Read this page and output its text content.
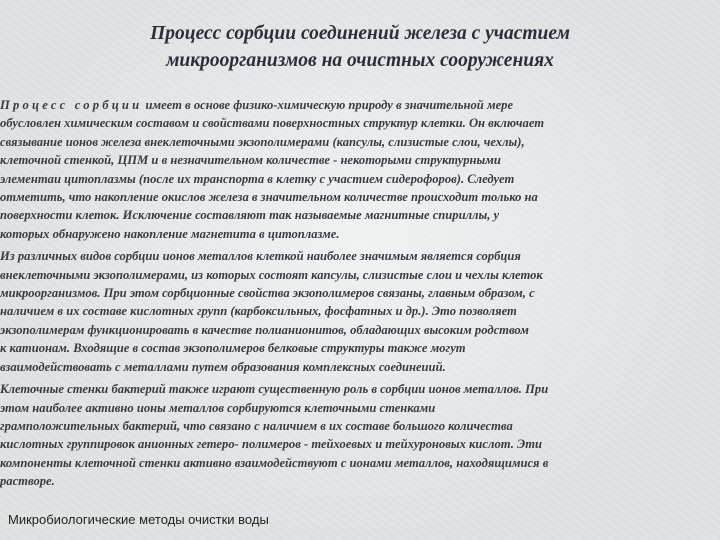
Процесс сорбции соединений железа с участием
микроорганизмов на очистных сооружениях

Процесс сорбции имеет в основе физико-химическую природу в значительной мере
обусловлен химическим составом и свойствами поверхностных структур клетки. Он включает
связывание ионов железа внеклеточными экзополимерами (капсулы, слизистые слои, чехлы),
клеточной стенкой, ЦПМ и в незначительном количестве - некоторыми структурными
элементаи цитоплазмы (после их транспорта в клетку с участием сидерофоров). Следует
отметить, что накопление окислов железа в значительном количестве происходит только на
поверхности клеток. Исключение составляют так называемые магнитные спириллы, у
которых обнаружено накопление магнетита в цитоплазме.

Из различных видов сорбции ионов металлов клеткой наиболее значимым является сорбция
внеклеточными экзополимерами, из которых состоят капсулы, слизистые слои и чехлы клеток
микроорганизмов. При этом сорбционные свойства экзополимеров связаны, главным образом, с
наличием в их составе кислотных групп (карбоксильных, фосфатных и др.). Это позволяет
экзополимерам функционировать в качестве полианионитов, обладающих высоким родством
к катионам. Входящие в состав экзополимеров белковые структуры также могут
взаимодействовать с металлами путем образования комплексных соединеиий.

Клеточные стенки бактерий также играют существенную роль в сорбции ионов металлов. При
этом наиболее активно ионы металлов сорбируются клеточными стенками
грамположительных бактерий, что связано с наличием в их составе большого количества
кислотных группировок анионных гетеро- полимеров - тейхоевых и тейхуроновых кислот. Эти
компоненты клеточной стенки активно взаимодействуют с ионами металлов, находящимися в
растворе.

Микробиологические методы очистки воды
